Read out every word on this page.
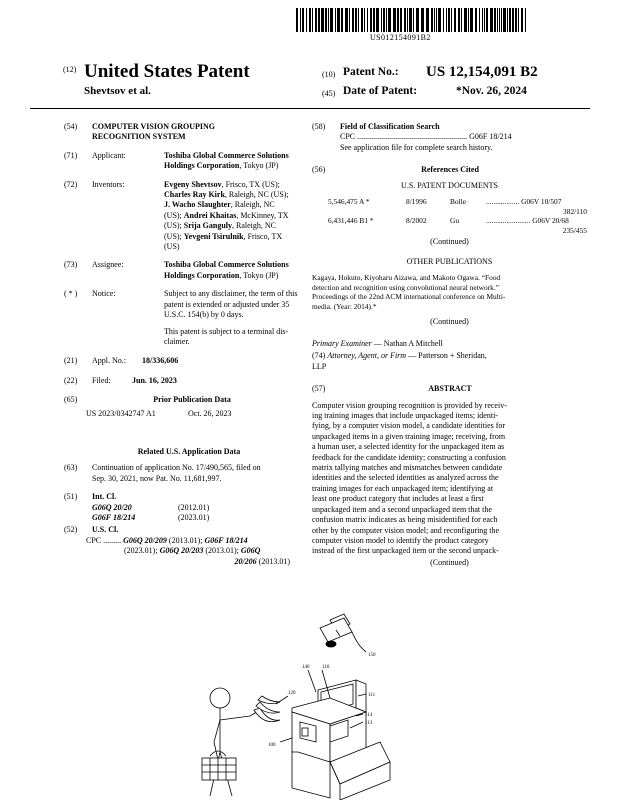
US012154091B2
(12) United States Patent
Shevtsov et al.
(10) Patent No.: US 12,154,091 B2
(45) Date of Patent:	*Nov. 26, 2024
(54)	COMPUTER VISION GROUPING
RECOGNITION SYSTEM
(71)	Applicant:	Toshiba Global Commerce Solutions
Holdings Corporation, Tokyo (JP)
(72)	Inventors:	Evgeny Shevtsov, Frisco, TX (US);
Charles Ray Kirk, Raleigh, NC (US);
J. Wacho Slaughter, Raleigh, NC
(US); Andrei Khaitas, McKinney, TX
(US); Srija Ganguly, Raleigh, NC
(US); Yevgeni Tsirulnik, Frisco, TX
(US)
(73)	Assignee:	Toshiba Global Commerce Solutions
Holdings Corporation, Tokyo (JP)
( * )	Notice:	Subject to any disclaimer, the term of this
patent is extended or adjusted under 35
U.S.C. 154(b) by 0 days.
This patent is subject to a terminal dis-
claimer.
(21)	Appl. No.:	18/336,606
(22)	Filed:	Jun. 16, 2023
(65)	Prior Publication Data
US 2023/0342747 A1	Oct. 26, 2023
Related U.S. Application Data
(63)	Continuation of application No. 17/490,565, filed on
Sep. 30, 2021, now Pat. No. 11,681,997.
(51)	Int. Cl.
G06Q 20/20	(2012.01)
G06F 18/214	(2023.01)
(52)	U.S. Cl.
CPC ......... G06Q 20/209 (2013.01); G06F 18/214
(2023.01); G06Q 20/203 (2013.01); G06Q
20/206 (2013.01)
(58)	Field of Classification Search
CPC ....................................................... G06F 18/214
See application file for complete search history.
(56)	References Cited
U.S. PATENT DOCUMENTS
5,546,475 A *	8/1996	Bolle	.................. G06V 10/507
382/110
6,431,446 B1 *	8/2002	Gu	........................ G06V 20/68
235/455
(Continued)
OTHER PUBLICATIONS
Kagaya, Hokuto, Kiyoharu Aizawa, and Makoto Ogawa. “Food
detection and recognition using convolutional neural network.”
Proceedings of the 22nd ACM international conference on Multi-
media. (Year: 2014).*
(Continued)
Primary Examiner — Nathan A Mitchell
(74) Attorney, Agent, or Firm — Patterson + Sheridan,
LLP
(57)	ABSTRACT
Computer vision grouping recognition is provided by receiv-
ing training images that include unpackaged items; identi-
fying, by a computer vision model, a candidate identities for
unpackaged items in a given training image; receiving, from
a human user, a selected identity for the unpackaged item as
feedback for the candidate identity; constructing a confusion
matrix tallying matches and mismatches between candidate
identities and the selected identities as analyzed across the
training images for each unpackaged item; identifying at
least one product category that includes at least a first
unpackaged item and a second unpackaged item that the
confusion matrix indicates as being misidentified for each
other by the computer vision model; and reconfiguring the
computer vision model to identify the product category
instead of the first unpackaged item or the second unpack-
(Continued)
150
140	110
111
114
113
120
100
